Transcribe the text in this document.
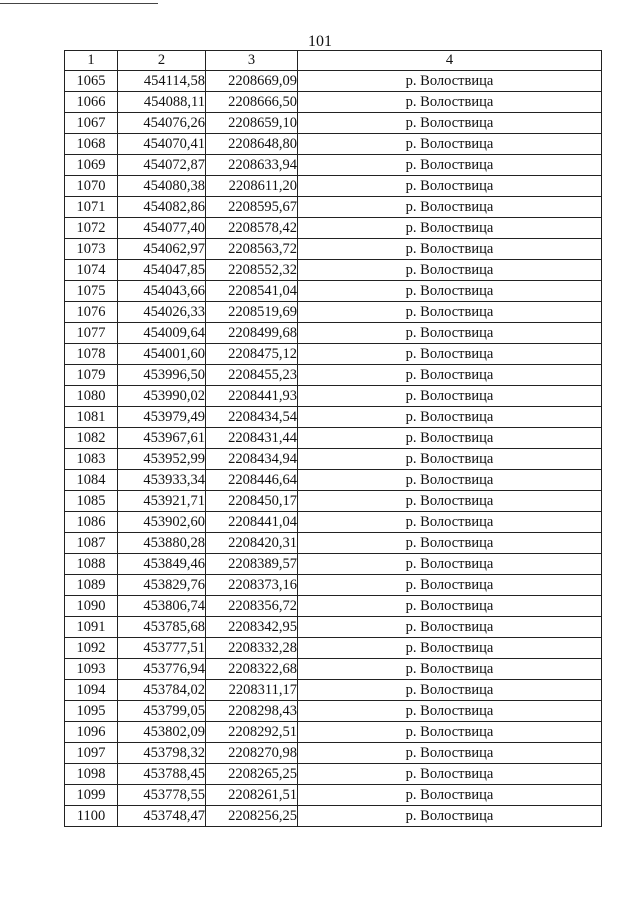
101
1	2	3	4
1065	454114,58	2208669,09	р. Волоствица
1066	454088,11	2208666,50	р. Волоствица
1067	454076,26	2208659,10	р. Волоствица
1068	454070,41	2208648,80	р. Волоствица
1069	454072,87	2208633,94	р. Волоствица
1070	454080,38	2208611,20	р. Волоствица
1071	454082,86	2208595,67	р. Волоствица
1072	454077,40	2208578,42	р. Волоствица
1073	454062,97	2208563,72	р. Волоствица
1074	454047,85	2208552,32	р. Волоствица
1075	454043,66	2208541,04	р. Волоствица
1076	454026,33	2208519,69	р. Волоствица
1077	454009,64	2208499,68	р. Волоствица
1078	454001,60	2208475,12	р. Волоствица
1079	453996,50	2208455,23	р. Волоствица
1080	453990,02	2208441,93	р. Волоствица
1081	453979,49	2208434,54	р. Волоствица
1082	453967,61	2208431,44	р. Волоствица
1083	453952,99	2208434,94	р. Волоствица
1084	453933,34	2208446,64	р. Волоствица
1085	453921,71	2208450,17	р. Волоствица
1086	453902,60	2208441,04	р. Волоствица
1087	453880,28	2208420,31	р. Волоствица
1088	453849,46	2208389,57	р. Волоствица
1089	453829,76	2208373,16	р. Волоствица
1090	453806,74	2208356,72	р. Волоствица
1091	453785,68	2208342,95	р. Волоствица
1092	453777,51	2208332,28	р. Волоствица
1093	453776,94	2208322,68	р. Волоствица
1094	453784,02	2208311,17	р. Волоствица
1095	453799,05	2208298,43	р. Волоствица
1096	453802,09	2208292,51	р. Волоствица
1097	453798,32	2208270,98	р. Волоствица
1098	453788,45	2208265,25	р. Волоствица
1099	453778,55	2208261,51	р. Волоствица
1100	453748,47	2208256,25	р. Волоствица
